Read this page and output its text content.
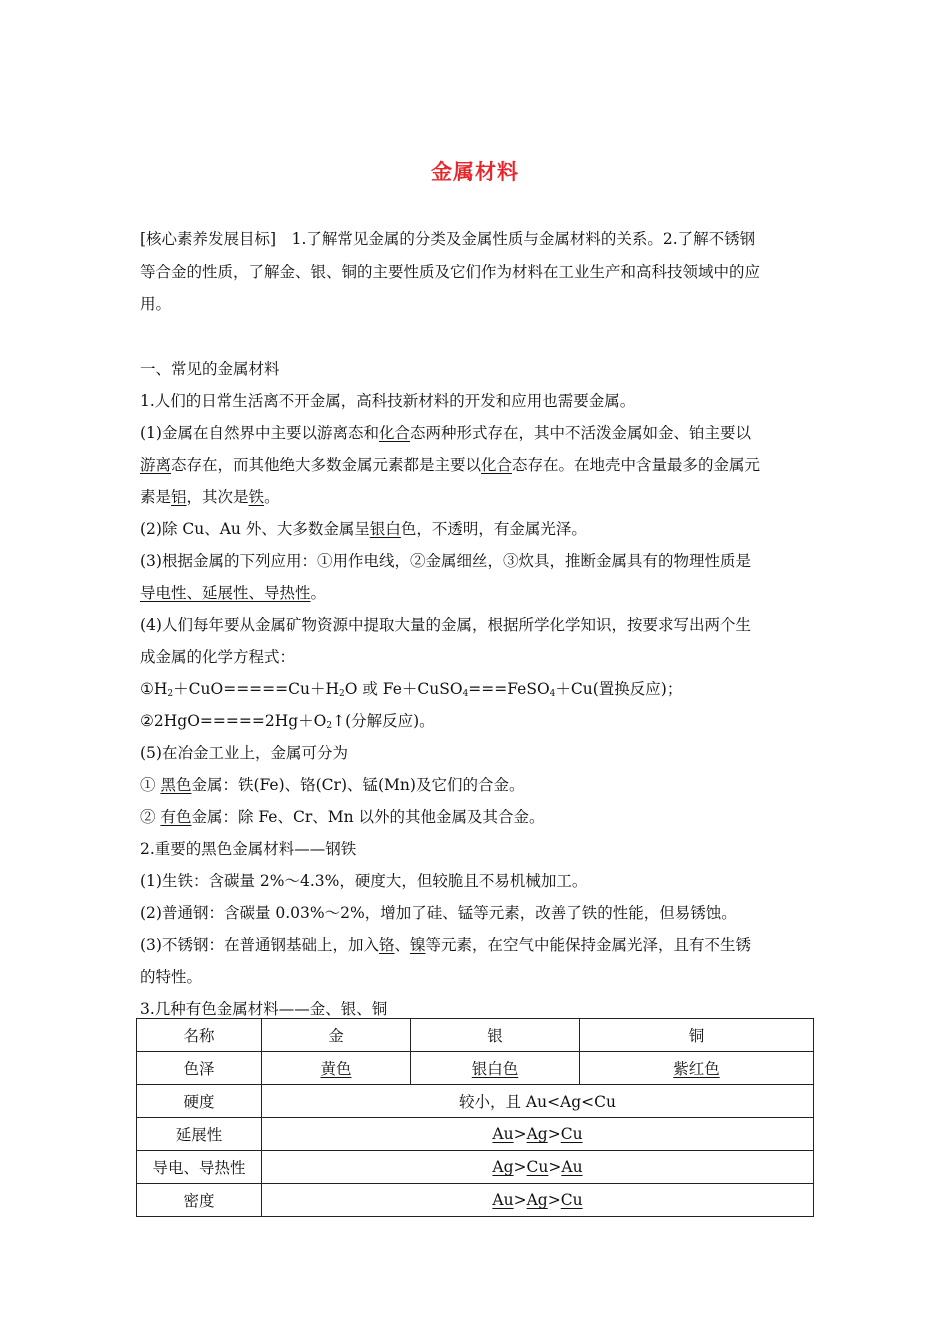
金属材料
[核心素养发展目标]　1.了解常见金属的分类及金属性质与金属材料的关系。2.了解不锈钢
等合金的性质，了解金、银、铜的主要性质及它们作为材料在工业生产和高科技领域中的应
用。
一、常见的金属材料
1.人们的日常生活离不开金属，高科技新材料的开发和应用也需要金属。
(1)金属在自然界中主要以游离态和化合态两种形式存在，其中不活泼金属如金、铂主要以
游离态存在，而其他绝大多数金属元素都是主要以化合态存在。在地壳中含量最多的金属元
素是铝，其次是铁。
(2)除 Cu、Au 外、大多数金属呈银白色，不透明，有金属光泽。
(3)根据金属的下列应用：①用作电线，②金属细丝，③炊具，推断金属具有的物理性质是
导电性、延展性、导热性。
(4)人们每年要从金属矿物资源中提取大量的金属，根据所学化学知识，按要求写出两个生
成金属的化学方程式：
$①H_2+CuO=====Cu+H_2O$ 或 Fe＋CuSO$_4$===FeSO$_4$＋Cu(置换反应)；
$②2HgO=====2Hg+O_2↑$(分解反应)。
(5)在冶金工业上，金属可分为
① 黑色金属：铁(Fe)、铬(Cr)、锰(Mn)及它们的合金。
② 有色金属：除 Fe、Cr、Mn 以外的其他金属及其合金。
2.重要的黑色金属材料——钢铁
(1)生铁：含碳量 2%～4.3%，硬度大，但较脆且不易机械加工。
(2)普通钢：含碳量 0.03%～2%，增加了硅、锰等元素，改善了铁的性能，但易锈蚀。
(3)不锈钢：在普通钢基础上，加入铬、镍等元素，在空气中能保持金属光泽，且有不生锈
的特性。
3.几种有色金属材料——金、银、铜
名称	金	银	铜
色泽	黄色	银白色	紫红色
硬度	较小，且 Au<Ag<Cu		
延展性	Au>Ag>Cu		
导电、导热性	Ag>Cu>Au		
密度	Au>Ag>Cu		
